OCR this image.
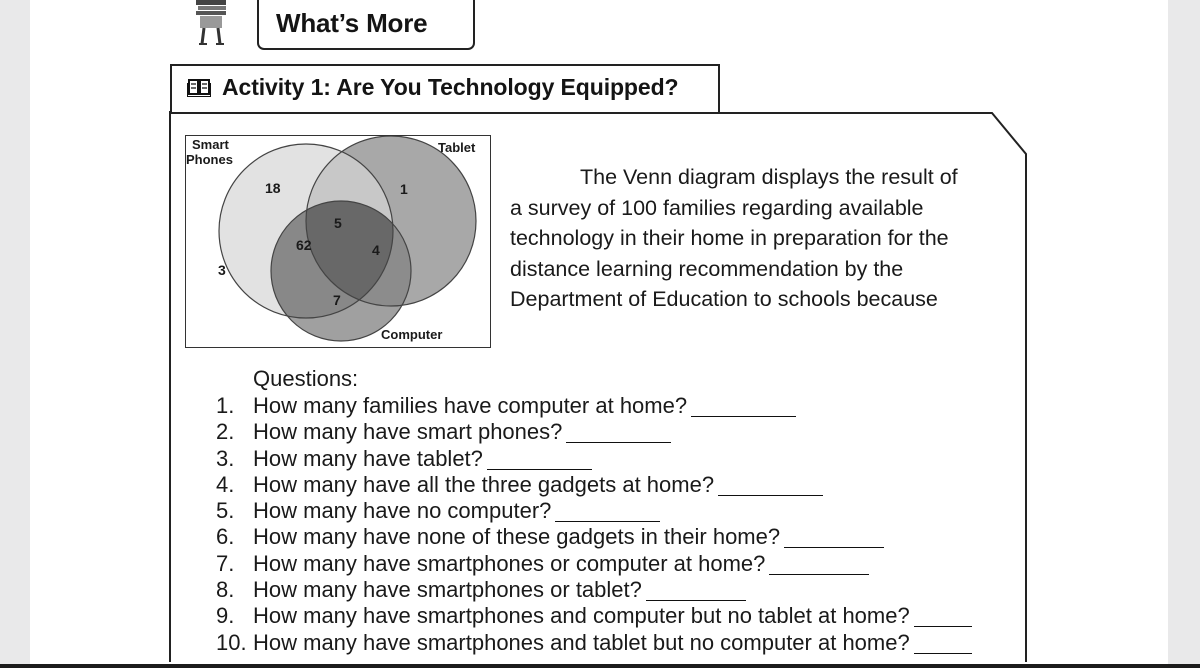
What’s More
Activity 1: Are You Technology Equipped?
Smart
Phones
Tablet
Computer
18	1
5
62	4
7
3
The Venn diagram displays the result of
a survey of 100 families regarding available
technology in their home in preparation for the
distance learning recommendation by the
Department of Education to schools because
Questions:
1. How many families have computer at home?
2. How many have smart phones?
3. How many have tablet?
4. How many have all the three gadgets at home?
5. How many have no computer?
6. How many have none of these gadgets in their home?
7. How many have smartphones or computer at home?
8. How many have smartphones or tablet?
9. How many have smartphones and computer but no tablet at home?
10. How many have smartphones and tablet but no computer at home?
